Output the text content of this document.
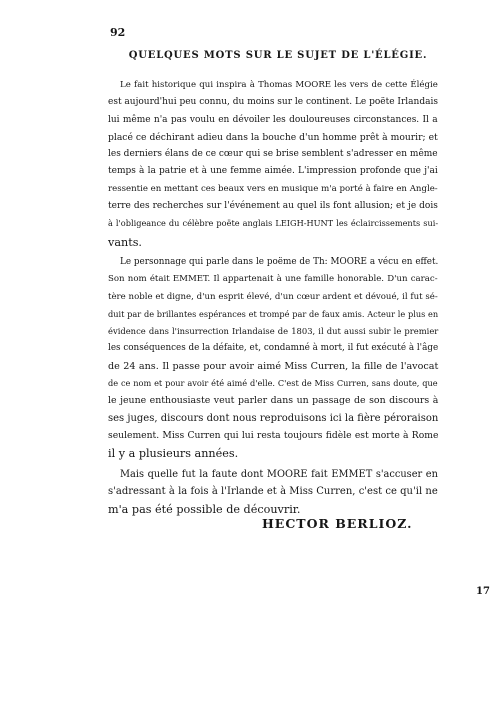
92
QUELQUES MOTS SUR LE SUJET DE L'ÉLÉGIE.
Le fait historique qui inspira à Thomas MOORE les vers de cette Élégie
est aujourd'hui peu connu, du moins sur le continent. Le poëte Irlandais
lui même n'a pas voulu en dévoiler les douloureuses circonstances. Il a
placé ce déchirant adieu dans la bouche d'un homme prêt à mourir; et
les derniers élans de ce cœur qui se brise semblent s'adresser en même
temps à la patrie et à une femme aimée. L'impression profonde que j'ai
ressentie en mettant ces beaux vers en musique m'a porté à faire en Angle-
terre des recherches sur l'événement au quel ils font allusion; et je dois
à l'obligeance du célèbre poëte anglais LEIGH-HUNT les éclaircissements sui-
vants.
Le personnage qui parle dans le poëme de Th: MOORE a vécu en effet.
Son nom était EMMET. Il appartenait à une famille honorable. D'un carac-
tère noble et digne, d'un esprit élevé, d'un cœur ardent et dévoué, il fut sé-
duit par de brillantes espérances et trompé par de faux amis. Acteur le plus en
évidence dans l'insurrection Irlandaise de 1803, il dut aussi subir le premier
les conséquences de la défaite, et, condamné à mort, il fut exécuté à l'âge
de 24 ans. Il passe pour avoir aimé Miss Curren, la fille de l'avocat
de ce nom et pour avoir été aimé d'elle. C'est de Miss Curren, sans doute, que
le jeune enthousiaste veut parler dans un passage de son discours à
ses juges, discours dont nous reproduisons ici la fière péroraison
seulement. Miss Curren qui lui resta toujours fidèle est morte à Rome
il y a plusieurs années.
Mais quelle fut la faute dont MOORE fait EMMET s'accuser en
s'adressant à la fois à l'Irlande et à Miss Curren, c'est ce qu'il ne
m'a pas été possible de découvrir.
HECTOR BERLIOZ.
17
